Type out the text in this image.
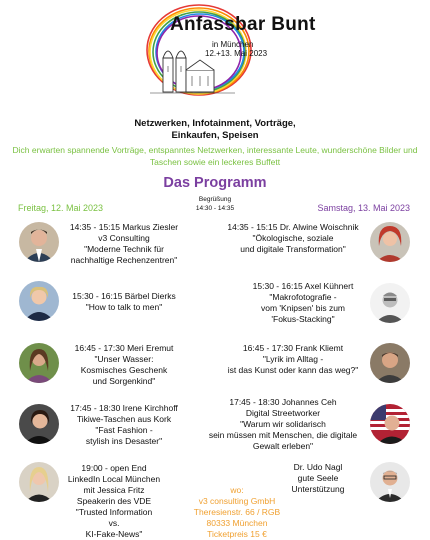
Anfassbar Bunt
in München
12.+13. Mai 2023
Netzwerken, Infotainment, Vorträge,
Einkaufen, Speisen
Dich erwarten spannende Vorträge, entspanntes Netzwerken, interessante Leute, wunderschöne Bilder und
Taschen sowie ein leckeres Buffett
Das Programm
Begrüßung
14:30 - 14:35
Freitag, 12. Mai 2023	Samstag, 13. Mai 2023
14:35 - 15:15 Markus Ziesler
v3 Consulting
"Moderne Technik für
nachhaltige Rechenzentren"
15:30 - 16:15 Bärbel Dierks
"How to talk to men"
16:45 - 17:30 Meri Eremut
"Unser Wasser:
Kosmisches Geschenk
und Sorgenkind"
17:45 - 18:30 Irene Kirchhoff
Tikiwe-Taschen aus Kork
"Fast Fashion -
stylish ins Desaster"
19:00 - open End
LinkedIn Local München
mit Jessica Fritz
Speakerin des VDE
"Trusted Information
vs.
KI-Fake-News"
14:35 - 15:15 Dr. Alwine Woischnik
"Ökologische, soziale
und digitale Transformation"
15:30 - 16:15 Axel Kühnert
"Makrofotografie -
vom 'Knipsen' bis zum
'Fokus-Stacking"
16:45 - 17:30 Frank Kliemt
"Lyrik im Alltag -
ist das Kunst oder kann das weg?"
17:45 - 18:30 Johannes Ceh
Digital Streetworker
"Warum wir solidarisch
sein müssen mit Menschen, die digitale
Gewalt erleben"
Dr. Udo Nagl
gute Seele
Unterstützung
wo:
v3 consulting GmbH
Theresienstr. 66 / RGB
80333 München
Ticketpreis 15 €
